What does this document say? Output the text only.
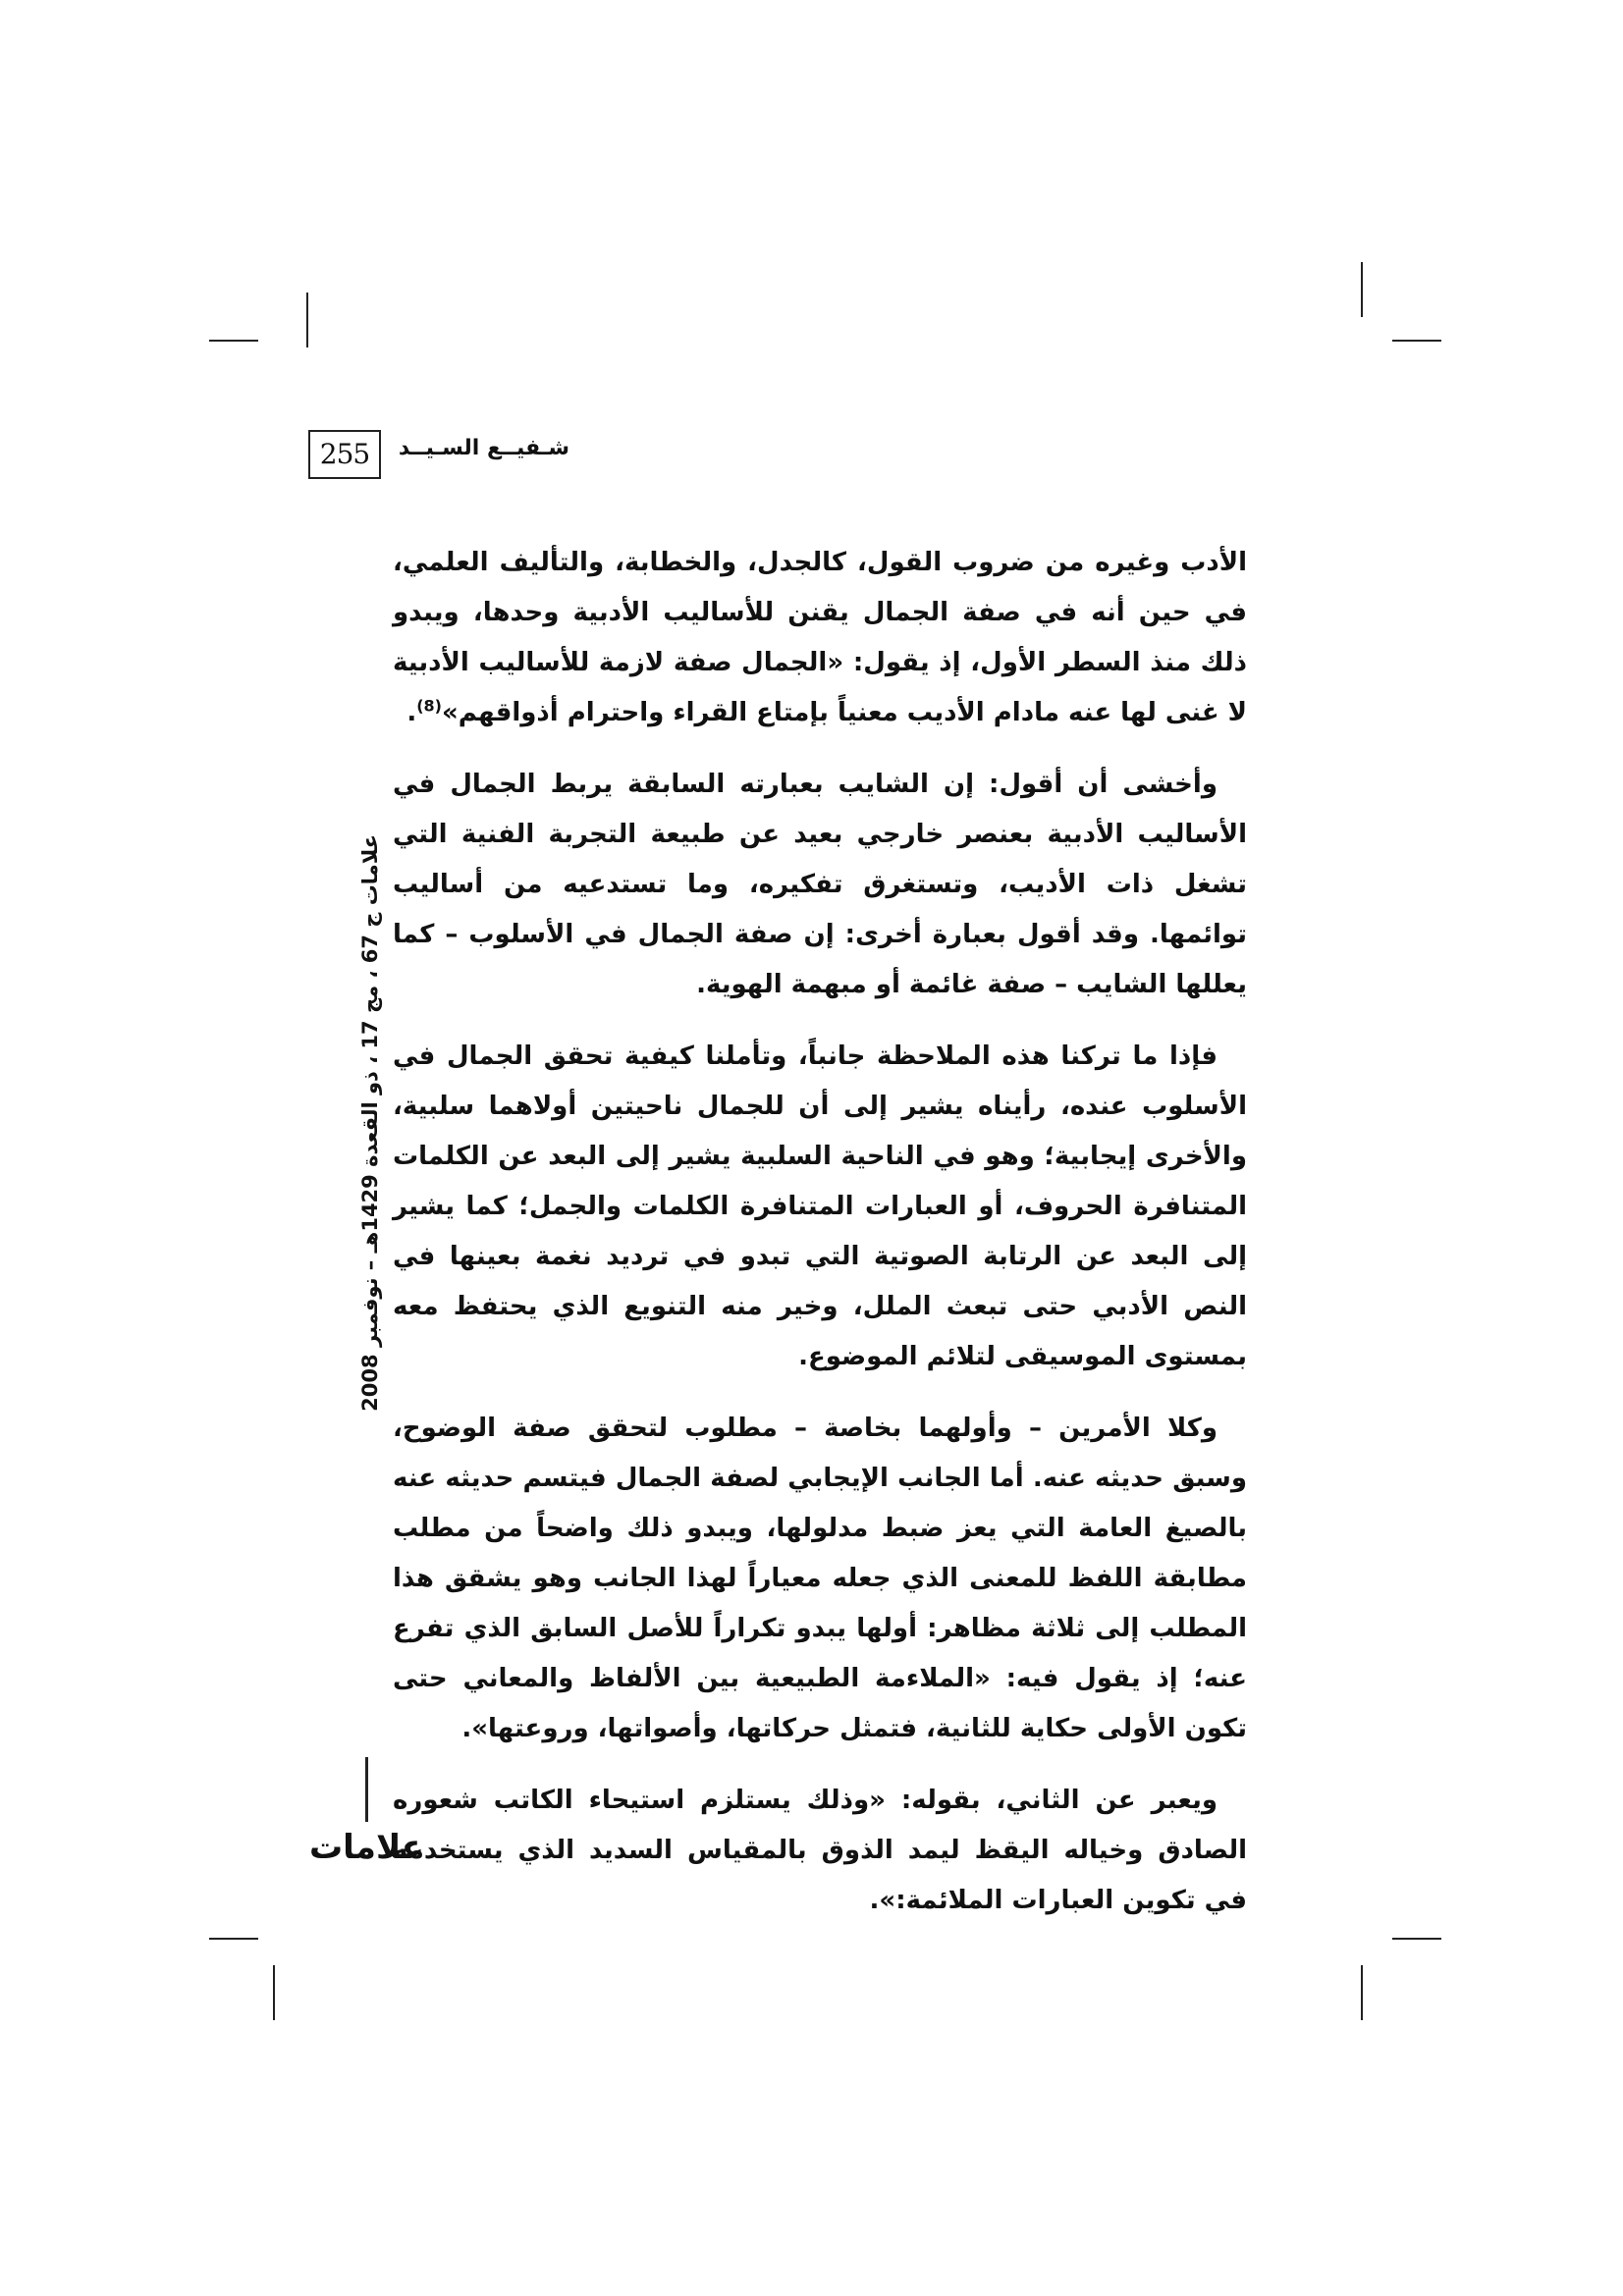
255	شـفيــع السـيــد

الأدب وغيره من ضروب القول، كالجدل، والخطابة، والتأليف العلمي، في حين أنه في صفة الجمال يقنن للأساليب الأدبية وحدها، ويبدو ذلك منذ السطر الأول، إذ يقول: «الجمال صفة لازمة للأساليب الأدبية لا غنى لها عنه مادام الأديب معنياً بإمتاع القراء واحترام أذواقهم»$^{(8)}$.

وأخشى أن أقول: إن الشايب بعبارته السابقة يربط الجمال في الأساليب الأدبية بعنصر خارجي بعيد عن طبيعة التجربة الفنية التي تشغل ذات الأديب، وتستغرق تفكيره، وما تستدعيه من أساليب توائمها. وقد أقول بعبارة أخرى: إن صفة الجمال في الأسلوب – كما يعللها الشايب – صفة غائمة أو مبهمة الهوية.

فإذا ما تركنا هذه الملاحظة جانباً، وتأملنا كيفية تحقق الجمال في الأسلوب عنده، رأيناه يشير إلى أن للجمال ناحيتين أولاهما سلبية، والأخرى إيجابية؛ وهو في الناحية السلبية يشير إلى البعد عن الكلمات المتنافرة الحروف، أو العبارات المتنافرة الكلمات والجمل؛ كما يشير إلى البعد عن الرتابة الصوتية التي تبدو في ترديد نغمة بعينها في النص الأدبي حتى تبعث الملل، وخير منه التنويع الذي يحتفظ معه بمستوى الموسيقى لتلائم الموضوع.

وكلا الأمرين – وأولهما بخاصة – مطلوب لتحقق صفة الوضوح، وسبق حديثه عنه. أما الجانب الإيجابي لصفة الجمال فيتسم حديثه عنه بالصيغ العامة التي يعز ضبط مدلولها، ويبدو ذلك واضحاً من مطلب مطابقة اللفظ للمعنى الذي جعله معياراً لهذا الجانب وهو يشقق هذا المطلب إلى ثلاثة مظاهر: أولها يبدو تكراراً للأصل السابق الذي تفرع عنه؛ إذ يقول فيه: «الملاءمة الطبيعية بين الألفاظ والمعاني حتى تكون الأولى حكاية للثانية، فتمثل حركاتها، وأصواتها، وروعتها».

ويعبر عن الثاني، بقوله: «وذلك يستلزم استيحاء الكاتب شعوره الصادق وخياله اليقظ ليمد الذوق بالمقياس السديد الذي يستخدمه في تكوين العبارات الملائمة:».

علامات ج 67 ، مج 17 ، ذو القعدة 1429هـ – نوفمبر 2008
علامات
